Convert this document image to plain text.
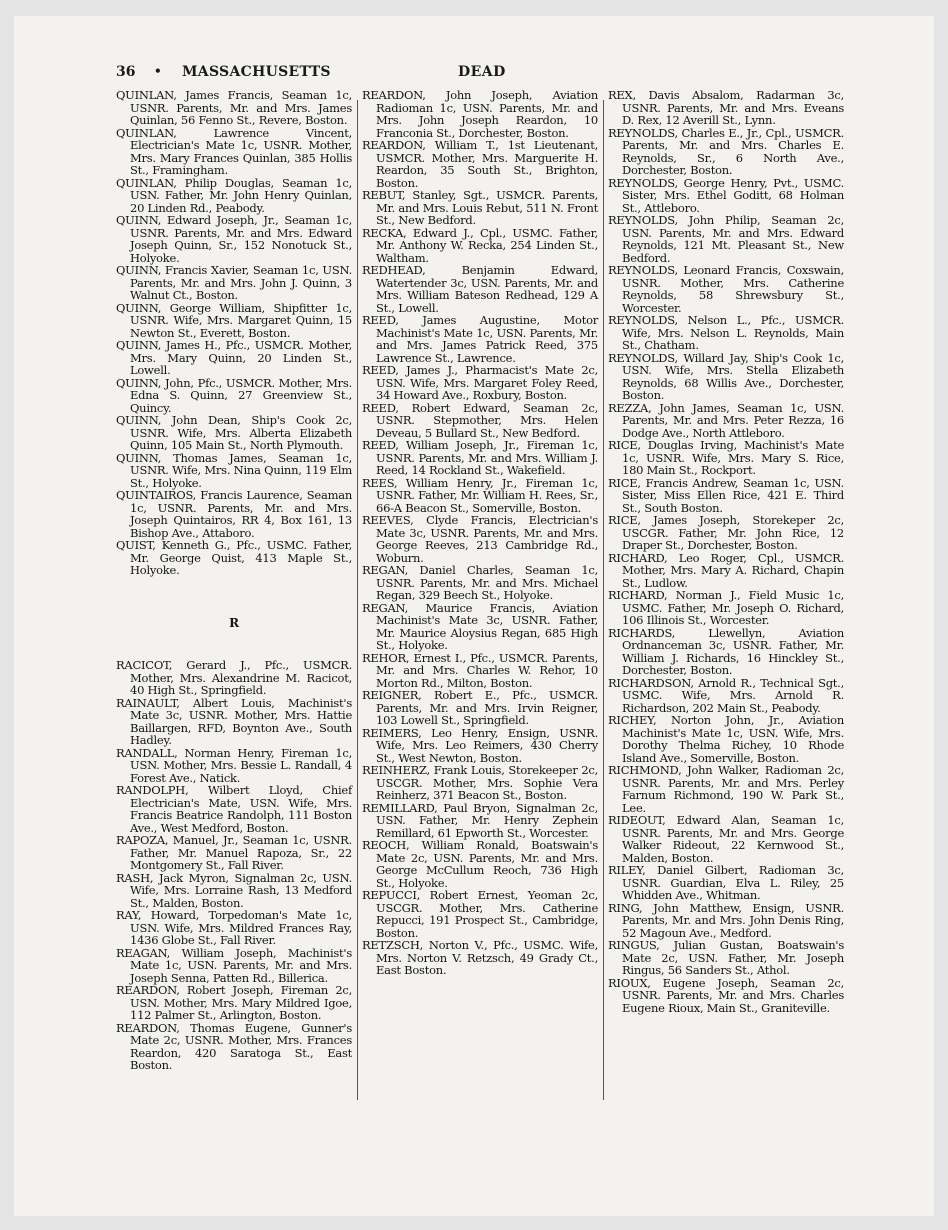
36 • MASSACHUSETTS	DEAD

QUINLAN, James Francis, Seaman 1c, USNR. Parents, Mr. and Mrs. James Quinlan, 56 Fenno St., Revere, Boston.

QUINLAN, Lawrence Vincent, Electrician's Mate 1c, USNR. Mother, Mrs. Mary Frances Quinlan, 385 Hollis St., Framingham.

QUINLAN, Philip Douglas, Seaman 1c, USN. Father, Mr. John Henry Quinlan, 20 Linden Rd., Peabody.

QUINN, Edward Joseph, Jr., Seaman 1c, USNR. Parents, Mr. and Mrs. Edward Joseph Quinn, Sr., 152 Nonotuck St., Holyoke.

QUINN, Francis Xavier, Seaman 1c, USN. Parents, Mr. and Mrs. John J. Quinn, 3 Walnut Ct., Boston.

QUINN, George William, Shipfitter 1c, USNR. Wife, Mrs. Margaret Quinn, 15 Newton St., Everett, Boston.

QUINN, James H., Pfc., USMCR. Mother, Mrs. Mary Quinn, 20 Linden St., Lowell.

QUINN, John, Pfc., USMCR. Mother, Mrs. Edna S. Quinn, 27 Greenview St., Quincy.

QUINN, John Dean, Ship's Cook 2c, USNR. Wife, Mrs. Alberta Elizabeth Quinn, 105 Main St., North Plymouth.

QUINN, Thomas James, Seaman 1c, USNR. Wife, Mrs. Nina Quinn, 119 Elm St., Holyoke.

QUINTAIROS, Francis Laurence, Seaman 1c, USNR. Parents, Mr. and Mrs. Joseph Quintairos, RR 4, Box 161, 13 Bishop Ave., Attaboro.

QUIST, Kenneth G., Pfc., USMC. Father, Mr. George Quist, 413 Maple St., Holyoke.

R

RACICOT, Gerard J., Pfc., USMCR. Mother, Mrs. Alexandrine M. Racicot, 40 High St., Springfield.

RAINAULT, Albert Louis, Machinist's Mate 3c, USNR. Mother, Mrs. Hattie Baillargen, RFD, Boynton Ave., South Hadley.

RANDALL, Norman Henry, Fireman 1c, USN. Mother, Mrs. Bessie L. Randall, 4 Forest Ave., Natick.

RANDOLPH, Wilbert Lloyd, Chief Electrician's Mate, USN. Wife, Mrs. Francis Beatrice Randolph, 111 Boston Ave., West Medford, Boston.

RAPOZA, Manuel, Jr., Seaman 1c, USNR. Father, Mr. Manuel Rapoza, Sr., 22 Montgomery St., Fall River.

RASH, Jack Myron, Signalman 2c, USN. Wife, Mrs. Lorraine Rash, 13 Medford St., Malden, Boston.

RAY, Howard, Torpedoman's Mate 1c, USN. Wife, Mrs. Mildred Frances Ray, 1436 Globe St., Fall River.

REAGAN, William Joseph, Machinist's Mate 1c, USN. Parents, Mr. and Mrs. Joseph Senna, Patten Rd., Billerica.

REARDON, Robert Joseph, Fireman 2c, USN. Mother, Mrs. Mary Mildred Igoe, 112 Palmer St., Arlington, Boston.

REARDON, Thomas Eugene, Gunner's Mate 2c, USNR. Mother, Mrs. Frances Reardon, 420 Saratoga St., East Boston.

REARDON, John Joseph, Aviation Radioman 1c, USN. Parents, Mr. and Mrs. John Joseph Reardon, 10 Franconia St., Dorchester, Boston.

REARDON, William T., 1st Lieutenant, USMCR. Mother, Mrs. Marguerite H. Reardon, 35 South St., Brighton, Boston.

REBUT, Stanley, Sgt., USMCR. Parents, Mr. and Mrs. Louis Rebut, 511 N. Front St., New Bedford.

RECKA, Edward J., Cpl., USMC. Father, Mr. Anthony W. Recka, 254 Linden St., Waltham.

REDHEAD, Benjamin Edward, Watertender 3c, USN. Parents, Mr. and Mrs. William Bateson Redhead, 129 A St., Lowell.

REED, James Augustine, Motor Machinist's Mate 1c, USN. Parents, Mr. and Mrs. James Patrick Reed, 375 Lawrence St., Lawrence.

REED, James J., Pharmacist's Mate 2c, USN. Wife, Mrs. Margaret Foley Reed, 34 Howard Ave., Roxbury, Boston.

REED, Robert Edward, Seaman 2c, USNR. Stepmother, Mrs. Helen Deveau, 5 Bullard St., New Bedford.

REED, William Joseph, Jr., Fireman 1c, USNR. Parents, Mr. and Mrs. William J. Reed, 14 Rockland St., Wakefield.

REES, William Henry, Jr., Fireman 1c, USNR. Father, Mr. William H. Rees, Sr., 66-A Beacon St., Somerville, Boston.

REEVES, Clyde Francis, Electrician's Mate 3c, USNR. Parents, Mr. and Mrs. George Reeves, 213 Cambridge Rd., Woburn.

REGAN, Daniel Charles, Seaman 1c, USNR. Parents, Mr. and Mrs. Michael Regan, 329 Beech St., Holyoke.

REGAN, Maurice Francis, Aviation Machinist's Mate 3c, USNR. Father, Mr. Maurice Aloysius Regan, 685 High St., Holyoke.

REHOR, Ernest I., Pfc., USMCR. Parents, Mr. and Mrs. Charles W. Rehor, 10 Morton Rd., Milton, Boston.

REIGNER, Robert E., Pfc., USMCR. Parents, Mr. and Mrs. Irvin Reigner, 103 Lowell St., Springfield.

REIMERS, Leo Henry, Ensign, USNR. Wife, Mrs. Leo Reimers, 430 Cherry St., West Newton, Boston.

REINHERZ, Frank Louis, Storekeeper 2c, USCGR. Mother, Mrs. Sophie Vera Reinherz, 371 Beacon St., Boston.

REMILLARD, Paul Bryon, Signalman 2c, USN. Father, Mr. Henry Zephein Remillard, 61 Epworth St., Worcester.

REOCH, William Ronald, Boatswain's Mate 2c, USN. Parents, Mr. and Mrs. George McCullum Reoch, 736 High St., Holyoke.

REPUCCI, Robert Ernest, Yeoman 2c, USCGR. Mother, Mrs. Catherine Repucci, 191 Prospect St., Cambridge, Boston.

RETZSCH, Norton V., Pfc., USMC. Wife, Mrs. Norton V. Retzsch, 49 Grady Ct., East Boston.

REX, Davis Absalom, Radarman 3c, USNR. Parents, Mr. and Mrs. Eveans D. Rex, 12 Averill St., Lynn.

REYNOLDS, Charles E., Jr., Cpl., USMCR. Parents, Mr. and Mrs. Charles E. Reynolds, Sr., 6 North Ave., Dorchester, Boston.

REYNOLDS, George Henry, Pvt., USMC. Sister, Mrs. Ethel Goditt, 68 Holman St., Attleboro.

REYNOLDS, John Philip, Seaman 2c, USN. Parents, Mr. and Mrs. Edward Reynolds, 121 Mt. Pleasant St., New Bedford.

REYNOLDS, Leonard Francis, Coxswain, USNR. Mother, Mrs. Catherine Reynolds, 58 Shrewsbury St., Worcester.

REYNOLDS, Nelson L., Pfc., USMCR. Wife, Mrs. Nelson L. Reynolds, Main St., Chatham.

REYNOLDS, Willard Jay, Ship's Cook 1c, USN. Wife, Mrs. Stella Elizabeth Reynolds, 68 Willis Ave., Dorchester, Boston.

REZZA, John James, Seaman 1c, USN. Parents, Mr. and Mrs. Peter Rezza, 16 Dodge Ave., North Attleboro.

RICE, Douglas Irving, Machinist's Mate 1c, USNR. Wife, Mrs. Mary S. Rice, 180 Main St., Rockport.

RICE, Francis Andrew, Seaman 1c, USN. Sister, Miss Ellen Rice, 421 E. Third St., South Boston.

RICE, James Joseph, Storekeper 2c, USCGR. Father, Mr. John Rice, 12 Draper St., Dorchester, Boston.

RICHARD, Leo Roger, Cpl., USMCR. Mother, Mrs. Mary A. Richard, Chapin St., Ludlow.

RICHARD, Norman J., Field Music 1c, USMC. Father, Mr. Joseph O. Richard, 106 Illinois St., Worcester.

RICHARDS, Llewellyn, Aviation Ordnanceman 3c, USNR. Father, Mr. William J. Richards, 16 Hinckley St., Dorchester, Boston.

RICHARDSON, Arnold R., Technical Sgt., USMC. Wife, Mrs. Arnold R. Richardson, 202 Main St., Peabody.

RICHEY, Norton John, Jr., Aviation Machinist's Mate 1c, USN. Wife, Mrs. Dorothy Thelma Richey, 10 Rhode Island Ave., Somerville, Boston.

RICHMOND, John Walker, Radioman 2c, USNR. Parents, Mr. and Mrs. Perley Farnum Richmond, 190 W. Park St., Lee.

RIDEOUT, Edward Alan, Seaman 1c, USNR. Parents, Mr. and Mrs. George Walker Rideout, 22 Kernwood St., Malden, Boston.

RILEY, Daniel Gilbert, Radioman 3c, USNR. Guardian, Elva L. Riley, 25 Whidden Ave., Whitman.

RING, John Matthew, Ensign, USNR. Parents, Mr. and Mrs. John Denis Ring, 52 Magoun Ave., Medford.

RINGUS, Julian Gustan, Boatswain's Mate 2c, USN. Father, Mr. Joseph Ringus, 56 Sanders St., Athol.

RIOUX, Eugene Joseph, Seaman 2c, USNR. Parents, Mr. and Mrs. Charles Eugene Rioux, Main St., Graniteville.
